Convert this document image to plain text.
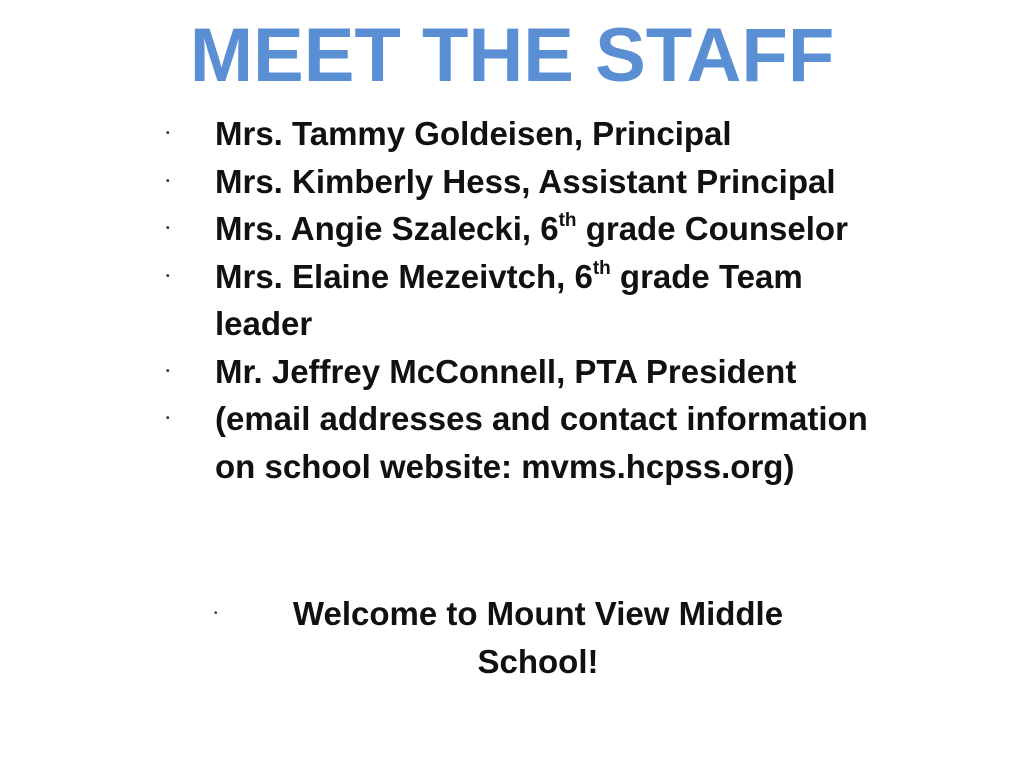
MEET THE STAFF
• Mrs. Tammy Goldeisen, Principal
• Mrs. Kimberly Hess, Assistant Principal
• Mrs. Angie Szalecki, 6th grade Counselor
• Mrs. Elaine Mezeivtch, 6th grade Team leader
• Mr. Jeffrey McConnell, PTA President
• (email addresses and contact information on school website: mvms.hcpss.org)
•	Welcome to Mount View Middle School!
